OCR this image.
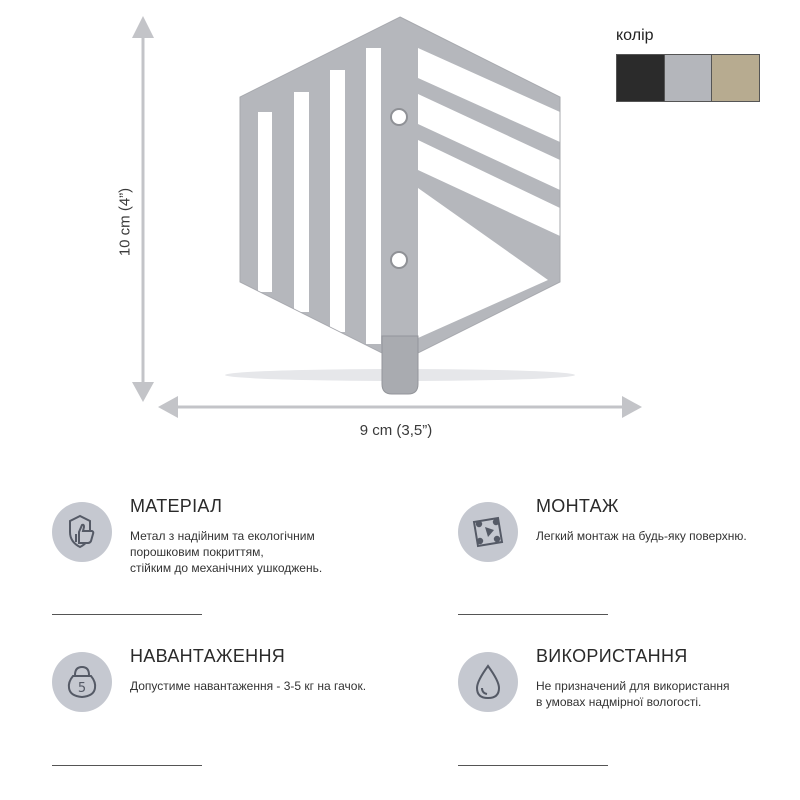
10 cm (4”)
9 cm (3,5”)
колір
МАТЕРІАЛ

Метал з надійним та екологічним
порошковим покриттям,
стійким до механічних ушкоджень.

МОНТАЖ

Легкий монтаж на будь-яку поверхню.

5
НАВАНТАЖЕННЯ

Допустиме навантаження - 3-5 кг на гачок.

ВИКОРИСТАННЯ

Не призначений для використання
в умовах надмірної вологості.
